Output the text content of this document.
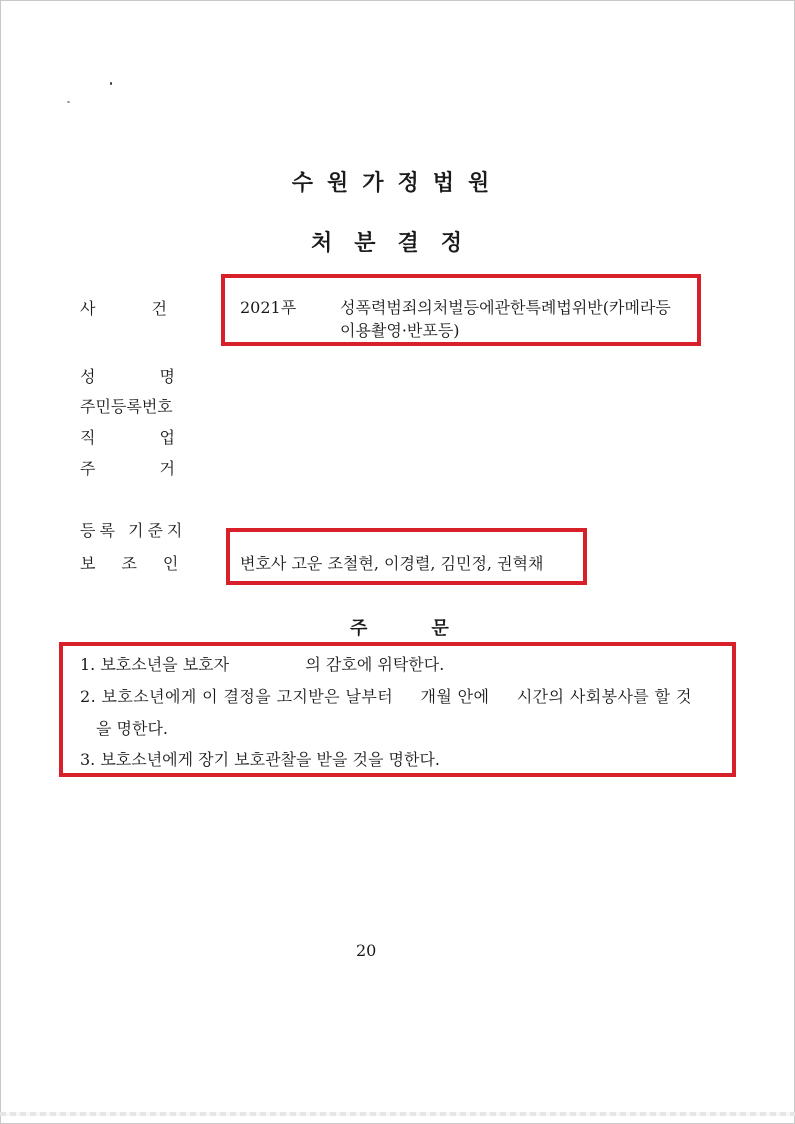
수원가정법원
처분결정
사건 2021푸	성폭력범죄의처벌등에관한특례법위반(카메라등
이용촬영·반포등)
성명
주민등록번호
직업
주거
등록 기준지
보조인 변호사 고운 조철현, 이경렬, 김민정, 권혁채
주문
1. 보호소년을 보호자               의 감호에 위탁한다.
2. 보호소년에게 이 결정을 고지받은 날부터     개월 안에     시간의 사회봉사를 할 것
을 명한다.
3. 보호소년에게 장기 보호관찰을 받을 것을 명한다.
20
